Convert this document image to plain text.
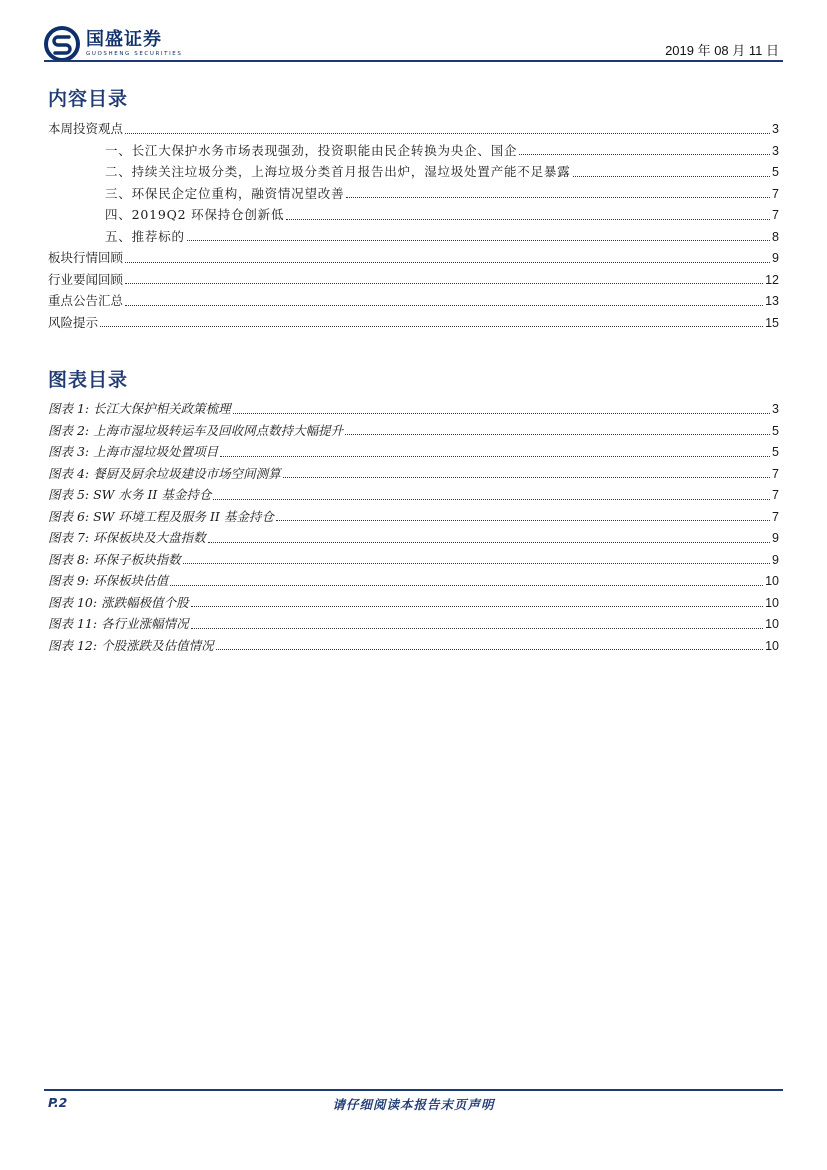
国盛证券
GUOSHENG SECURITIES	2019 年 08 月 11 日
内容目录
本周投资观点	3
一、长江大保护水务市场表现强劲，投资职能由民企转换为央企、国企	3
二、持续关注垃圾分类，上海垃圾分类首月报告出炉，湿垃圾处置产能不足暴露	5
三、环保民企定位重构，融资情况望改善	7
四、2019Q2 环保持仓创新低	7
五、推荐标的	8
板块行情回顾	9
行业要闻回顾	12
重点公告汇总	13
风险提示	15
图表目录
图表 1: 长江大保护相关政策梳理	3
图表 2: 上海市湿垃圾转运车及回收网点数持大幅提升	5
图表 3: 上海市湿垃圾处置项目	5
图表 4: 餐厨及厨余垃圾建设市场空间测算	7
图表 5: SW 水务 II 基金持仓	7
图表 6: SW 环境工程及服务 II 基金持仓	7
图表 7: 环保板块及大盘指数	9
图表 8: 环保子板块指数	9
图表 9: 环保板块估值	10
图表 10: 涨跌幅极值个股	10
图表 11: 各行业涨幅情况	10
图表 12: 个股涨跌及估值情况	10
P.2	请仔细阅读本报告末页声明
